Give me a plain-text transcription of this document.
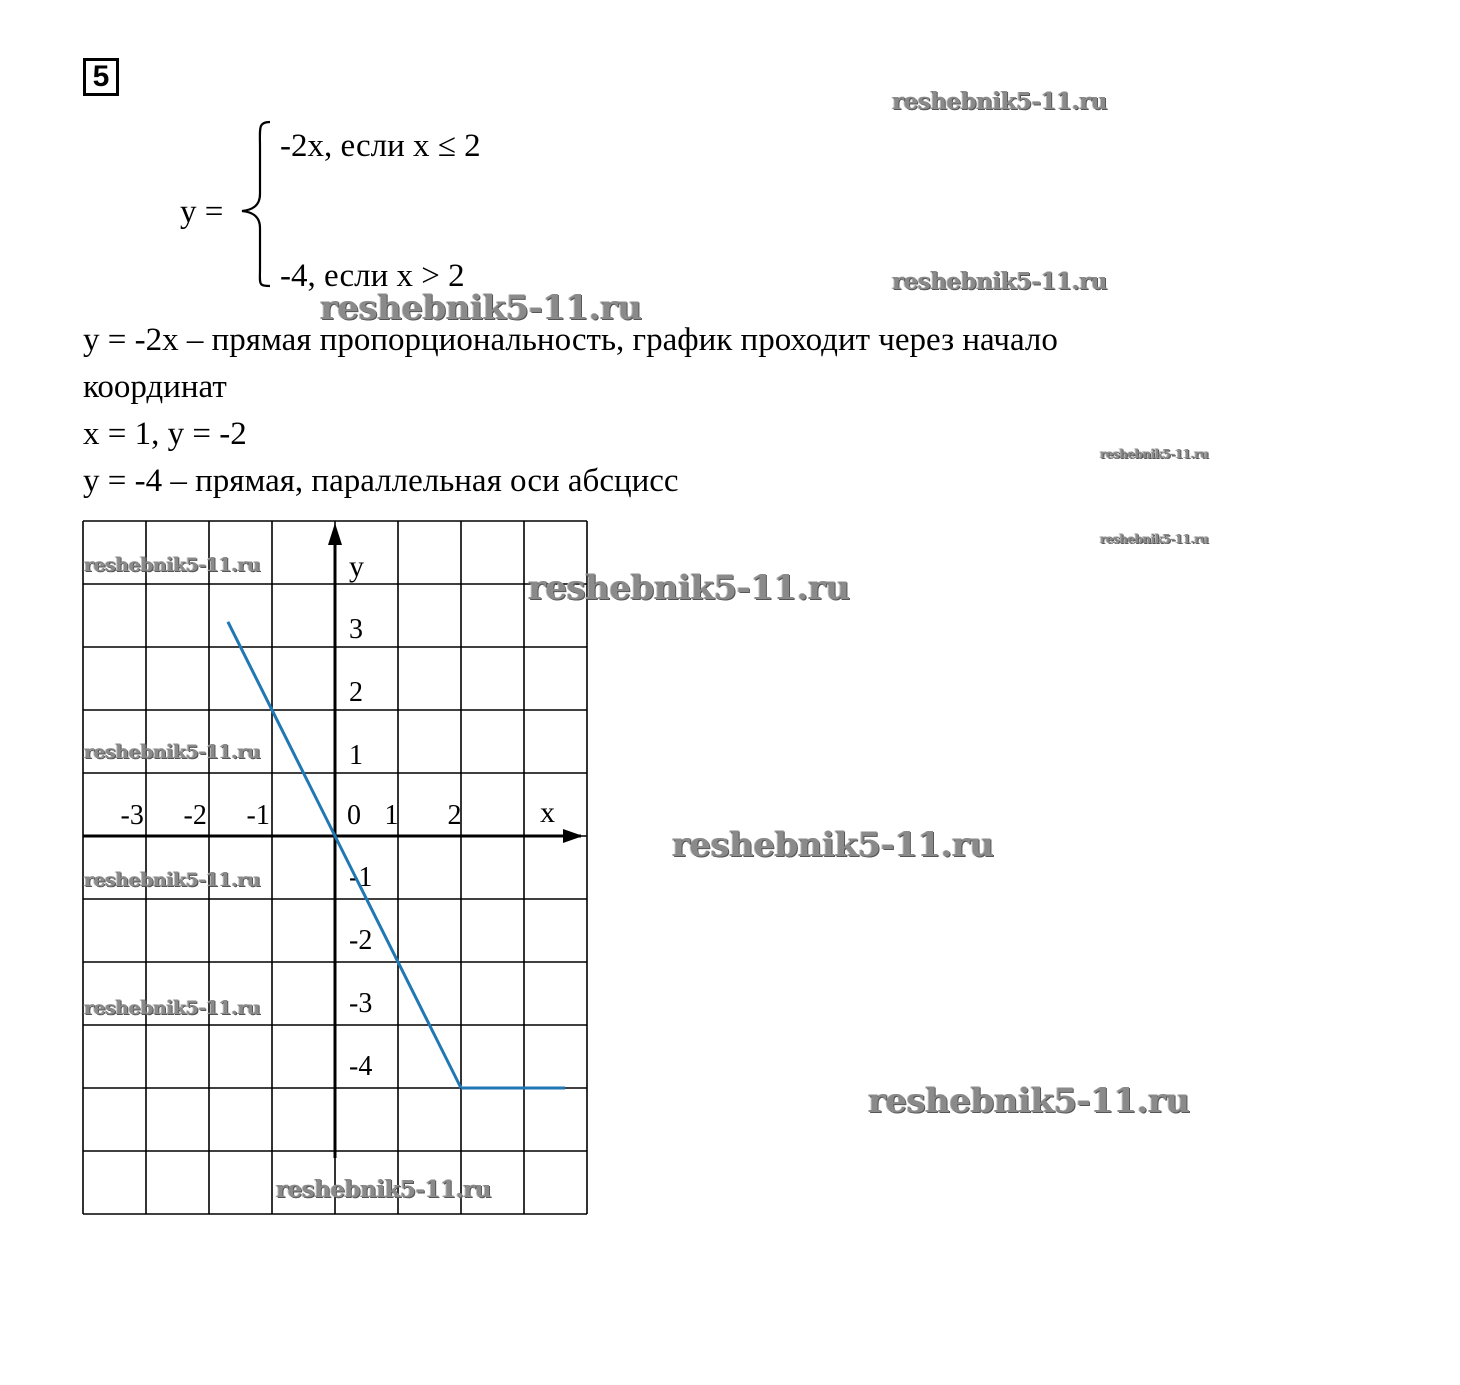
5
reshebnik5-11.ru
reshebnik5-11.ru
reshebnik5-11.ru
reshebnik5-11.ru
y =
-2x, если x ≤ 2
-4, если x > 2
reshebnik5-11.ru
y = -2x – прямая пропорциональность, график проходит через начало
координат
x = 1, y = -2
y = -4 – прямая, параллельная оси абсцисс
x
y
0
-3 -2 -1	1 2
3
2
1
-1
-2
-3
-4
reshebnik5-11.ru
reshebnik5-11.ru
reshebnik5-11.ru
reshebnik5-11.ru
reshebnik5-11.ru
reshebnik5-11.ru
reshebnik5-11.ru
reshebnik5-11.ru
